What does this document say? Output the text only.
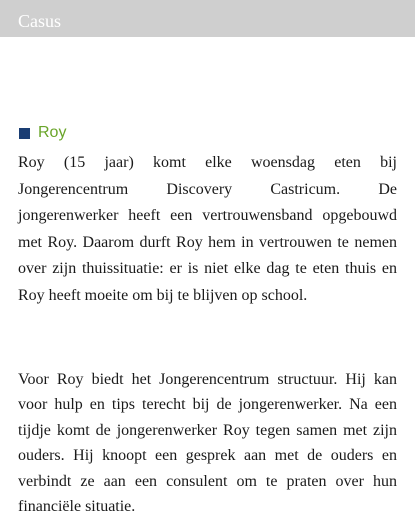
Casus
Roy

Roy (15 jaar) komt elke woensdag eten bij Jongerencentrum Discovery Castricum. De jongerenwerker heeft een vertrouwensband opgebouwd met Roy. Daarom durft Roy hem in vertrouwen te nemen over zijn thuissituatie: er is niet elke dag te eten thuis en Roy heeft moeite om bij te blijven op school.

Voor Roy biedt het Jongerencentrum structuur. Hij kan voor hulp en tips terecht bij de jongerenwerker. Na een tijdje komt de jongerenwerker Roy tegen samen met zijn ouders. Hij knoopt een gesprek aan met de ouders en verbindt ze aan een consulent om te praten over hun financiële situatie.
